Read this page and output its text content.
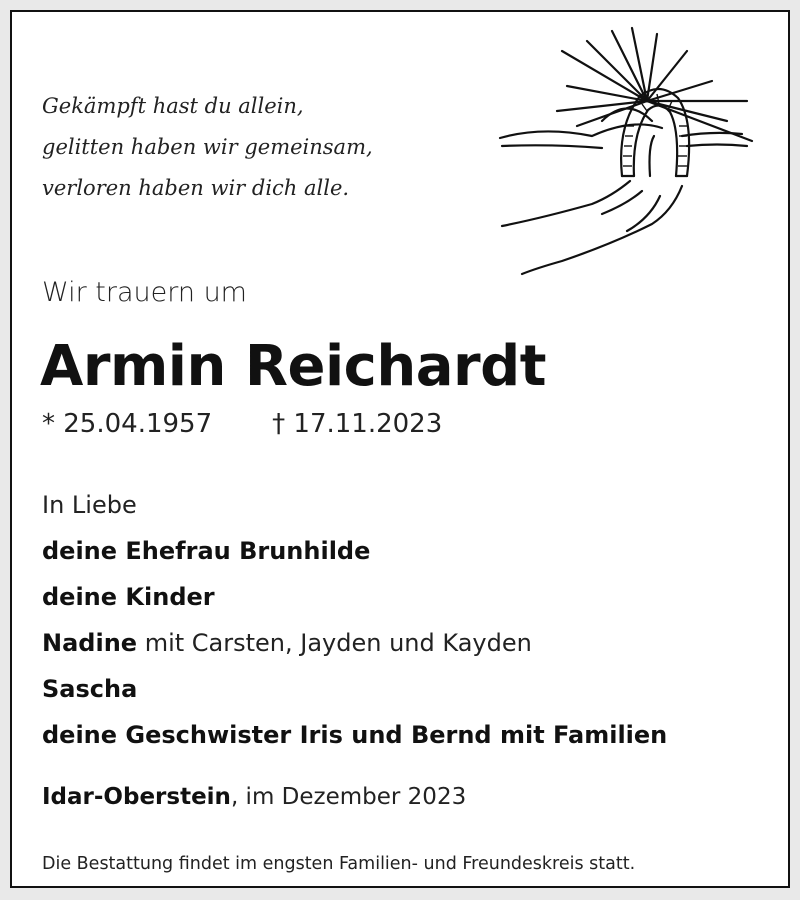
Gekämpft hast du allein,
gelitten haben wir gemeinsam,
verloren haben wir dich alle.
Wir trauern um
Armin Reichardt
* 25.04.1957 † 17.11.2023
In Liebe
deine Ehefrau Brunhilde
deine Kinder
Nadine mit Carsten, Jayden und Kayden
Sascha
deine Geschwister Iris und Bernd mit Familien
Idar-Oberstein, im Dezember 2023
Die Bestattung findet im engsten Familien- und Freundeskreis statt.
